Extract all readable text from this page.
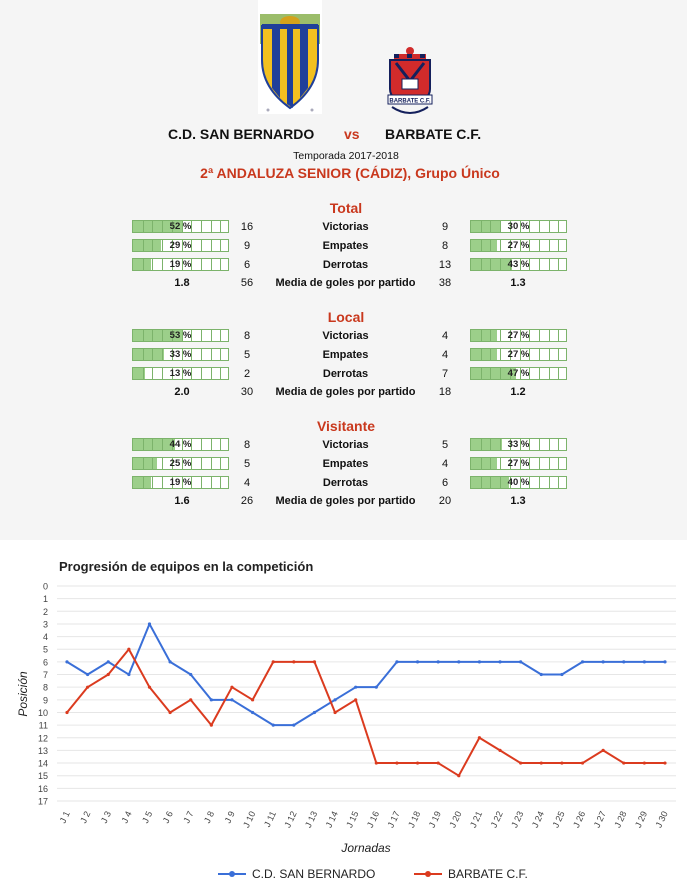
BARBATE C.F.
C.D. SAN BERNARDO vs BARBATE C.F.
Temporada 2017-2018
2ª ANDALUZA SENIOR (CÁDIZ), Grupo Único
Total
52 %	16	Victorias	9	30 %
29 %	9	Empates	8	27 %
19 %	6	Derrotas	13	43 %
1.8	56	Media de goles por partido	38	1.3
Local
53 %	8	Victorias	4	27 %
33 %	5	Empates	4	27 %
13 %	2	Derrotas	7	47 %
2.0	30	Media de goles por partido	18	1.2
Visitante
44 %	8	Victorias	5	33 %
25 %	5	Empates	4	27 %
19 %	4	Derrotas	6	40 %
1.6	26	Media de goles por partido	20	1.3
Progresión de equipos en la competición
0
1
2
3
4
5
6
7
8
9
10
11
12
13
14
15
16
17
J 1 J 2 J 3 J 4 J 5 J 6 J 7 J 8 J 9 J 10 J 11 J 12 J 13 J 14 J 15 J 16 J 17 J 18 J 19 J 20 J 21 J 22 J 23 J 24 J 25 J 26 J 27 J 28 J 29 J 30
Posición
Jornadas
C.D. SAN BERNARDO	BARBATE C.F.
